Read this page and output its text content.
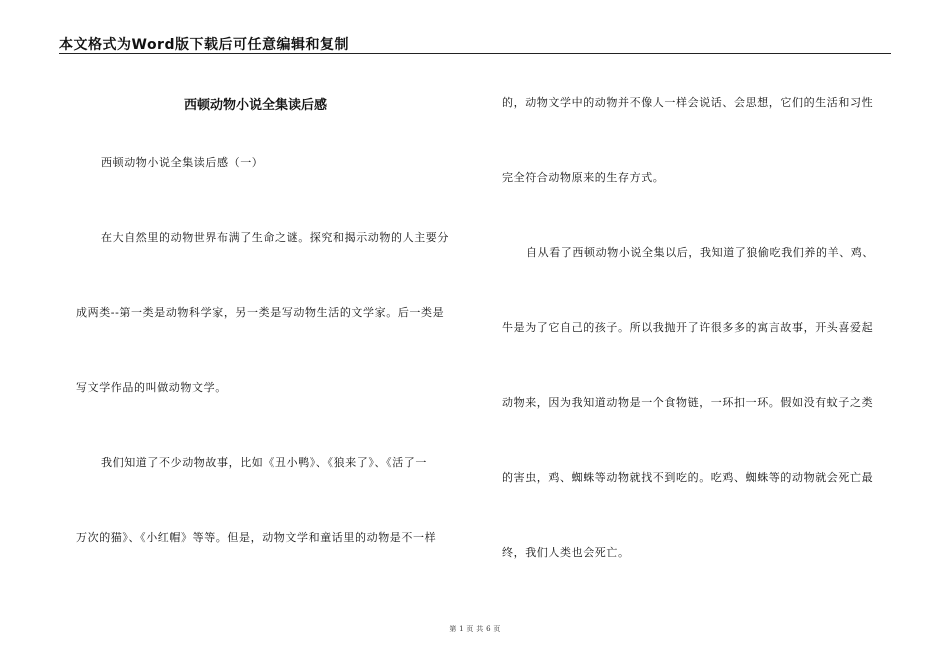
本文格式为Word版下载后可任意编辑和复制
西顿动物小说全集读后感
西顿动物小说全集读后感（一）
在大自然里的动物世界布满了生命之谜。探究和揭示动物的人主要分
成两类--第一类是动物科学家，另一类是写动物生活的文学家。后一类是
写文学作品的叫做动物文学。
我们知道了不少动物故事，比如《丑小鸭》、《狼来了》、《活了一
万次的猫》、《小红帽》等等。但是，动物文学和童话里的动物是不一样
的，动物文学中的动物并不像人一样会说话、会思想，它们的生活和习性
完全符合动物原来的生存方式。
自从看了西顿动物小说全集以后，我知道了狼偷吃我们养的羊、鸡、
牛是为了它自己的孩子。所以我抛开了许很多多的寓言故事，开头喜爱起
动物来，因为我知道动物是一个食物链，一环扣一环。假如没有蚊子之类
的害虫，鸡、蜘蛛等动物就找不到吃的。吃鸡、蜘蛛等的动物就会死亡最
终，我们人类也会死亡。
第 1 页 共 6 页
